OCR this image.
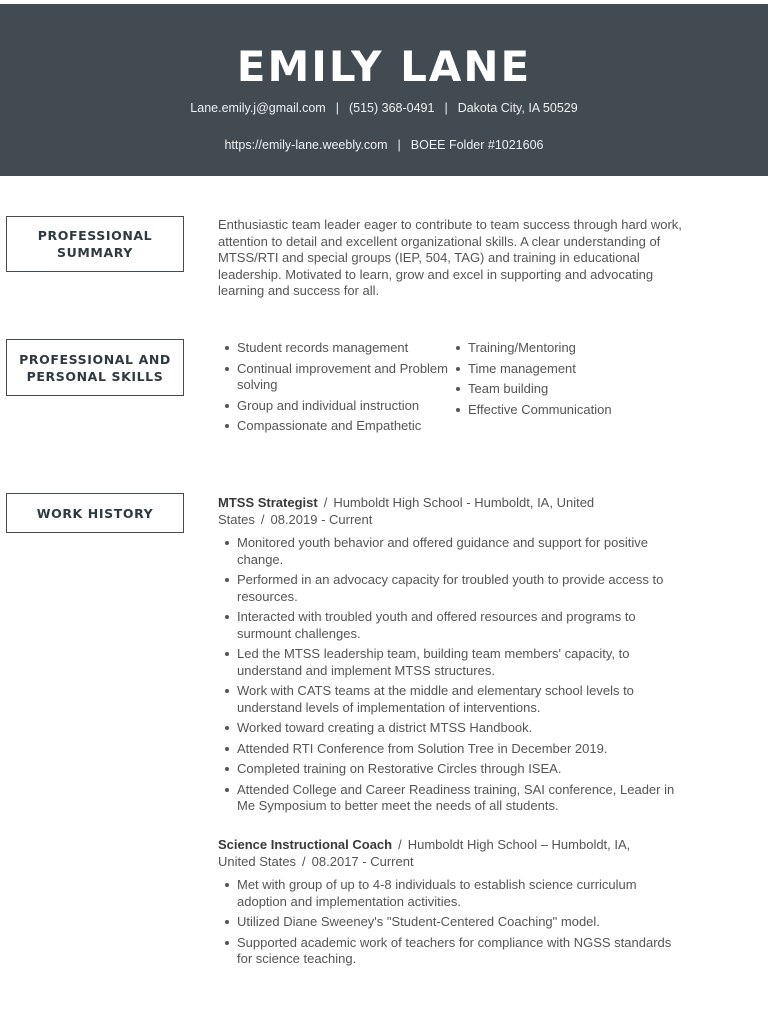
EMILY LANE
Lane.emily.j@gmail.com | (515) 368-0491 | Dakota City, IA 50529
https://emily-lane.weebly.com | BOEE Folder #1021606
PROFESSIONAL
SUMMARY
Enthusiastic team leader eager to contribute to team success through hard work, attention to detail and excellent organizational skills. A clear understanding of MTSS/RTI and special groups (IEP, 504, TAG) and training in educational leadership. Motivated to learn, grow and excel in supporting and advocating learning and success for all.
PROFESSIONAL AND
PERSONAL SKILLS
Student records management
Continual improvement and Problem solving
Group and individual instruction
Compassionate and Empathetic
Training/Mentoring
Time management
Team building
Effective Communication
WORK HISTORY
MTSS Strategist / Humboldt High School - Humboldt, IA, United States / 08.2019 - Current
Monitored youth behavior and offered guidance and support for positive change.
Performed in an advocacy capacity for troubled youth to provide access to resources.
Interacted with troubled youth and offered resources and programs to surmount challenges.
Led the MTSS leadership team, building team members' capacity, to understand and implement MTSS structures.
Work with CATS teams at the middle and elementary school levels to understand levels of implementation of interventions.
Worked toward creating a district MTSS Handbook.
Attended RTI Conference from Solution Tree in December 2019.
Completed training on Restorative Circles through ISEA.
Attended College and Career Readiness training, SAI conference, Leader in Me Symposium to better meet the needs of all students.
Science Instructional Coach / Humboldt High School – Humboldt, IA, United States / 08.2017 - Current
Met with group of up to 4-8 individuals to establish science curriculum adoption and implementation activities.
Utilized Diane Sweeney's "Student-Centered Coaching" model.
Supported academic work of teachers for compliance with NGSS standards for science teaching.
